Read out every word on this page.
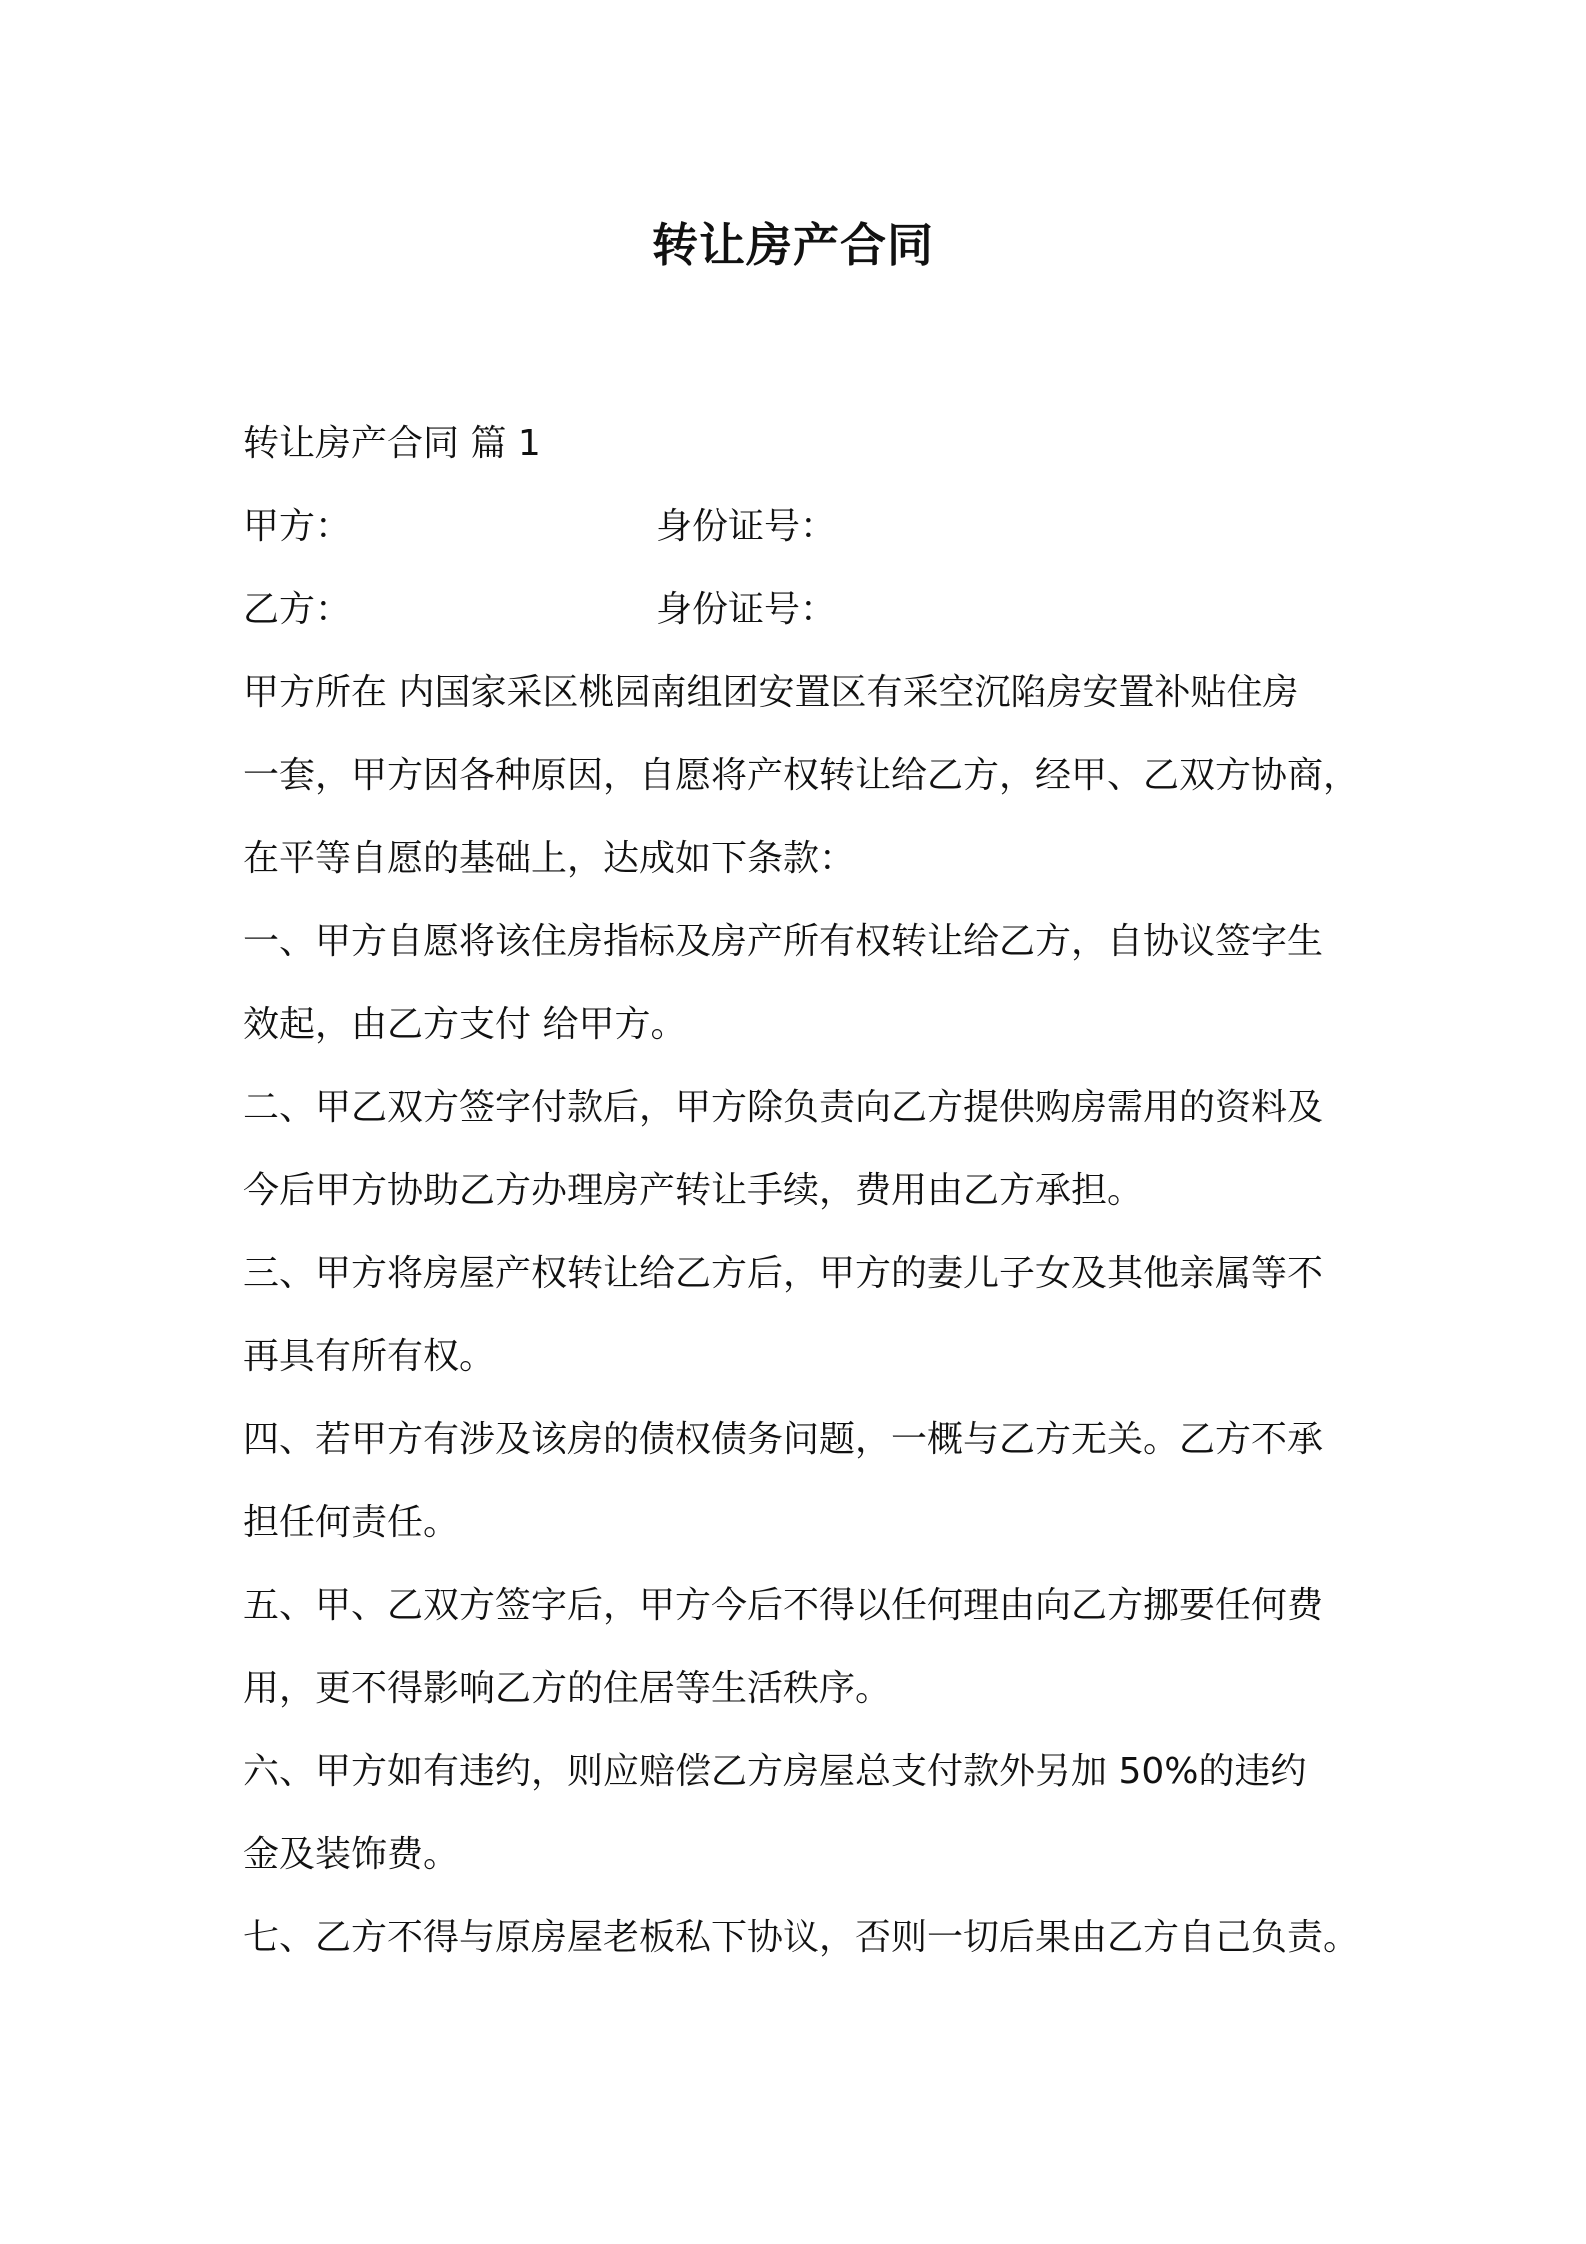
转让房产合同
转让房产合同 篇 1
甲方：	身份证号：
乙方：	身份证号：
甲方所在 内国家采区桃园南组团安置区有采空沉陷房安置补贴住房
一套，甲方因各种原因，自愿将产权转让给乙方，经甲、乙双方协商，
在平等自愿的基础上，达成如下条款：
一、甲方自愿将该住房指标及房产所有权转让给乙方，自协议签字生
效起，由乙方支付 给甲方。
二、甲乙双方签字付款后，甲方除负责向乙方提供购房需用的资料及
今后甲方协助乙方办理房产转让手续，费用由乙方承担。
三、甲方将房屋产权转让给乙方后，甲方的妻儿子女及其他亲属等不
再具有所有权。
四、若甲方有涉及该房的债权债务问题，一概与乙方无关。乙方不承
担任何责任。
五、甲、乙双方签字后，甲方今后不得以任何理由向乙方挪要任何费
用，更不得影响乙方的住居等生活秩序。
六、甲方如有违约，则应赔偿乙方房屋总支付款外另加 50%的违约
金及装饰费。
七、乙方不得与原房屋老板私下协议，否则一切后果由乙方自己负责。
